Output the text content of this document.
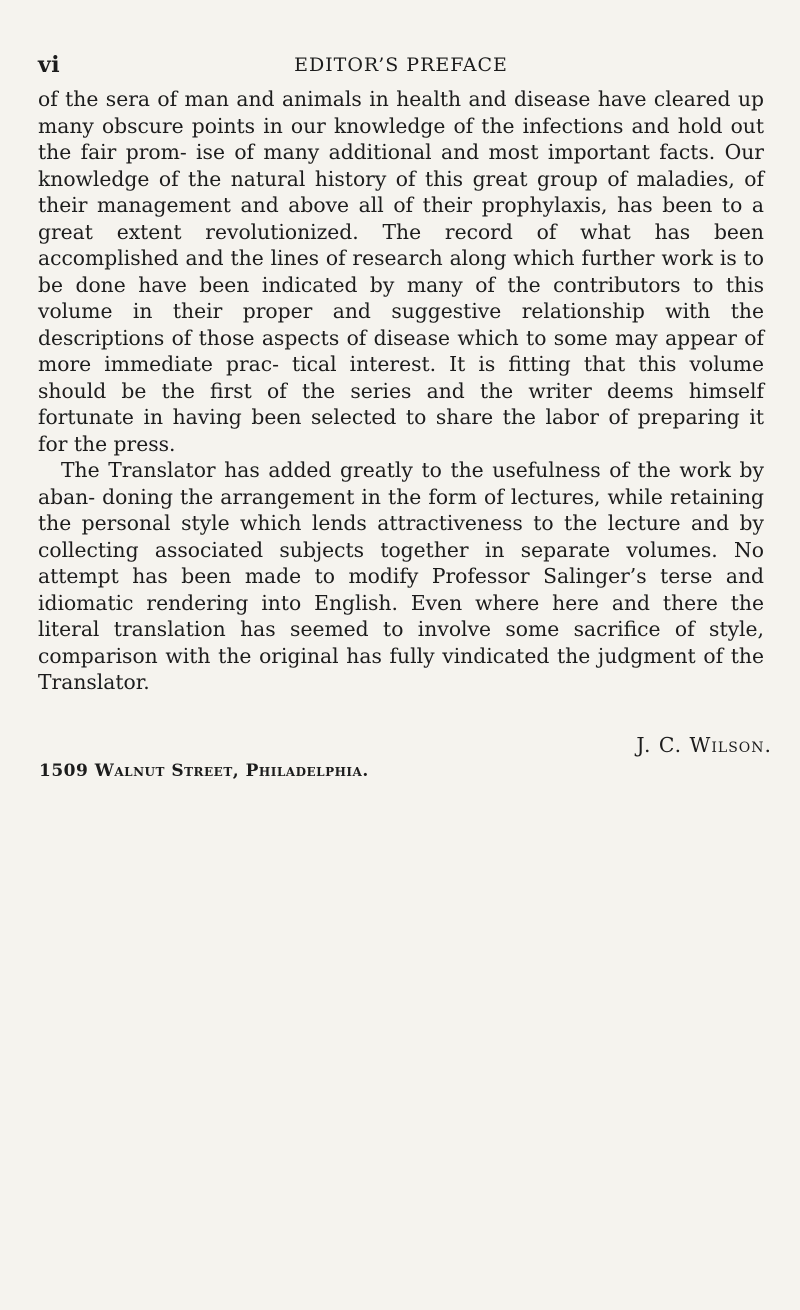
vi	EDITOR’S PREFACE

of the sera of man and animals in health and disease have cleared up many obscure points in our knowledge of the infections and hold out the fair prom- ise of many additional and most important facts. Our knowledge of the natural history of this great group of maladies, of their management and above all of their prophylaxis, has been to a great extent revolutionized. The record of what has been accomplished and the lines of research along which further work is to be done have been indicated by many of the contributors to this volume in their proper and suggestive relationship with the descriptions of those aspects of disease which to some may appear of more immediate prac- tical interest. It is fitting that this volume should be the first of the series and the writer deems himself fortunate in having been selected to share the labor of preparing it for the press.

The Translator has added greatly to the usefulness of the work by aban- doning the arrangement in the form of lectures, while retaining the personal style which lends attractiveness to the lecture and by collecting associated subjects together in separate volumes. No attempt has been made to modify Professor Salinger’s terse and idiomatic rendering into English. Even where here and there the literal translation has seemed to involve some sacrifice of style, comparison with the original has fully vindicated the judgment of the Translator.

J. C. Wilson.
1509 Walnut Street, Philadelphia.
